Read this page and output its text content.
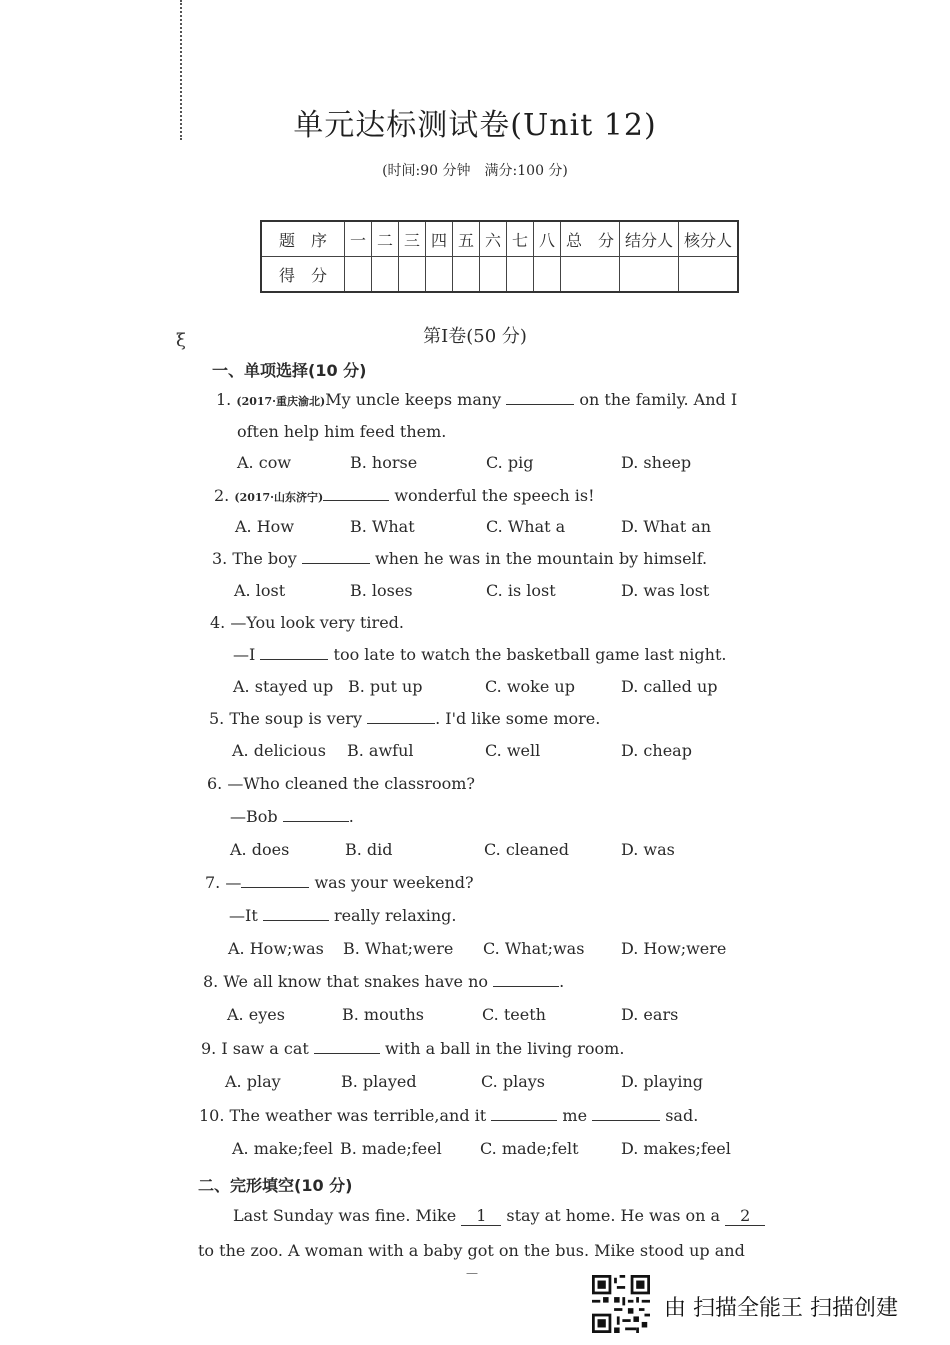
ξ
单元达标测试卷(Unit 12)
(时间:90 分钟　满分:100 分)
题　序	一	二	三	四	五	六	七	八	总　分	结分人	核分人
得　分											
第Ⅰ卷(50 分)
一、单项选择(10 分)
1. (2017·重庆渝北)My uncle keeps many	on the family. And I
often help him feed them.
A. cow	B. horse	C. pig	D. sheep
2. (2017·山东济宁)	wonderful the speech is!
A. How	B. What	C. What a	D. What an
3. The boy	when he was in the mountain by himself.
A. lost	B. loses	C. is lost	D. was lost
4. —You look very tired.
—I	too late to watch the basketball game last night.
A. stayed up B. put up	C. woke up	D. called up
5. The soup is very	. I'd like some more.
A. delicious B. awful	C. well	D. cheap
6. —Who cleaned the classroom?
—Bob	.
A. does	B. did	C. cleaned	D. was
7. —	was your weekend?
—It	really relaxing.
A. How;was B. What;were C. What;was D. How;were
8. We all know that snakes have no	.
A. eyes	B. mouths	C. teeth	D. ears
9. I saw a cat	with a ball in the living room.
A. play	B. played	C. plays	D. playing
10. The weather was terrible,and it	me	sad.
A. make;feel B. made;feel C. made;felt	D. makes;feel
二、完形填空(10 分)
Last Sunday was fine. Mike 1 stay at home. He was on a 2
to the zoo. A woman with a baby got on the bus. Mike stood up and
—
由 扫描全能王 扫描创建
